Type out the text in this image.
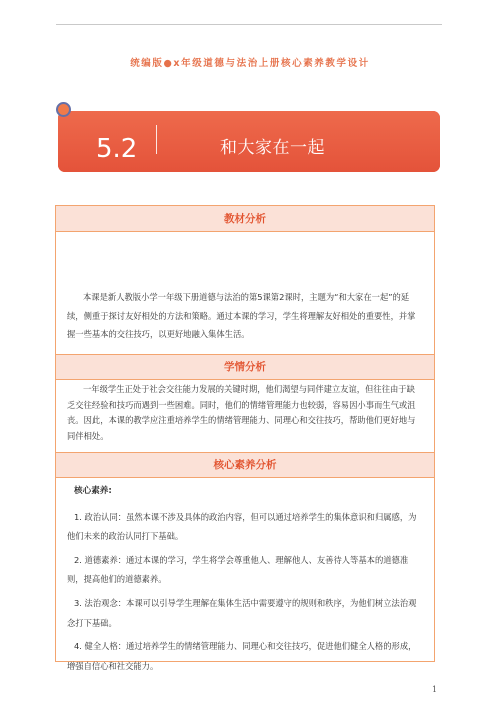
统编版●x年级道德与法治上册核心素养教学设计
5.2	和大家在一起
教材分析
本课是新人教版小学一年级下册道德与法治的第5课第2课时，主题为“和大家在一起”的延续，侧重于探讨友好相处的方法和策略。通过本课的学习，学生将理解友好相处的重要性，并掌握一些基本的交往技巧，以更好地融入集体生活。
学情分析
一年级学生正处于社会交往能力发展的关键时期，他们渴望与同伴建立友谊，但往往由于缺乏交往经验和技巧而遇到一些困难。同时，他们的情绪管理能力也较弱，容易因小事而生气或沮丧。因此，本课的教学应注重培养学生的情绪管理能力、同理心和交往技巧，帮助他们更好地与同伴相处。
核心素养分析
核心素养:
1. 政治认同：虽然本课不涉及具体的政治内容，但可以通过培养学生的集体意识和归属感，为他们未来的政治认同打下基础。
2. 道德素养：通过本课的学习，学生将学会尊重他人、理解他人、友善待人等基本的道德准则，提高他们的道德素养。
3. 法治观念：本课可以引导学生理解在集体生活中需要遵守的规则和秩序，为他们树立法治观念打下基础。
4. 健全人格：通过培养学生的情绪管理能力、同理心和交往技巧，促进他们健全人格的形成，增强自信心和社交能力。
1
